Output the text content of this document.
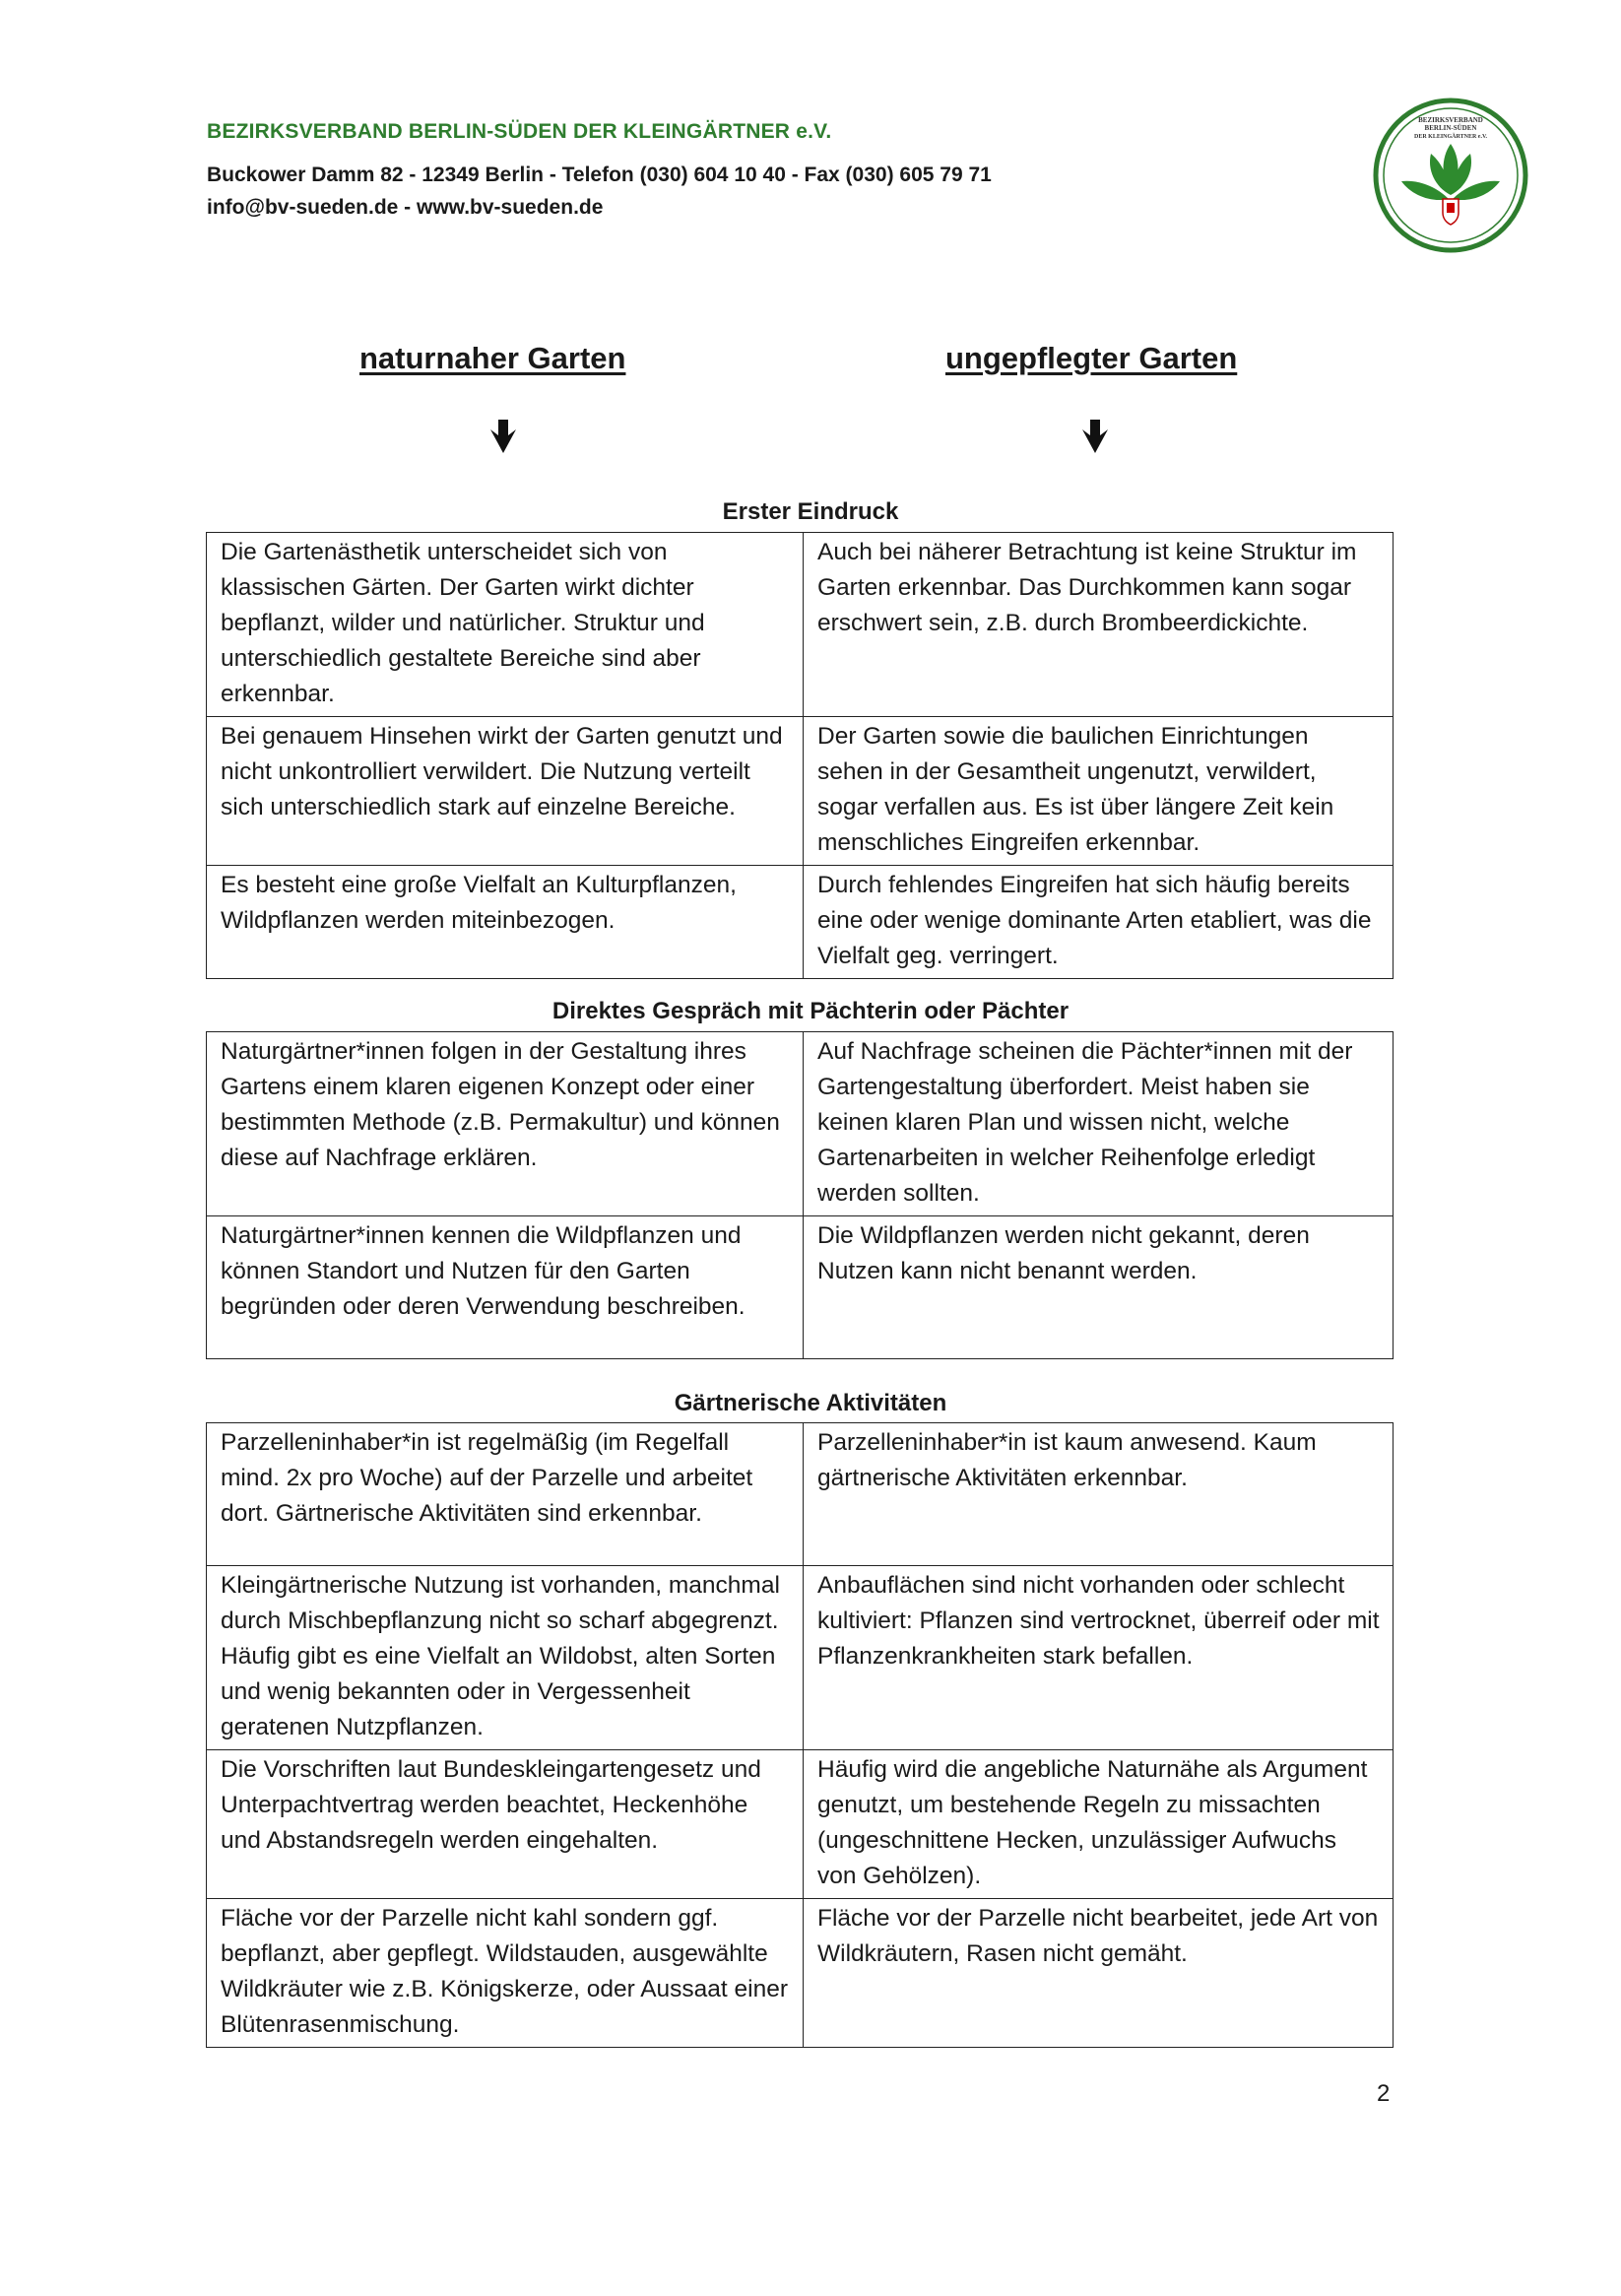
BEZIRKSVERBAND BERLIN-SÜDEN DER KLEINGÄRTNER e.V.
Buckower Damm 82 - 12349 Berlin - Telefon (030) 604 10 40 - Fax (030) 605 79 71
info@bv-sueden.de - www.bv-sueden.de
BEZIRKSVERBAND
BERLIN-SÜDEN
DER KLEINGÄRTNER e.V.
naturnaher Garten	ungepflegter Garten
Erster Eindruck
Die Gartenästhetik unterscheidet sich von klassischen Gärten. Der Garten wirkt dichter bepflanzt, wilder und natürlicher. Struktur und unterschiedlich gestaltete Bereiche sind aber erkennbar.	Auch bei näherer Betrachtung ist keine Struktur im Garten erkennbar. Das Durchkommen kann sogar erschwert sein, z.B. durch Brombeerdickichte.
Bei genauem Hinsehen wirkt der Garten genutzt und nicht unkontrolliert verwildert. Die Nutzung verteilt sich unterschiedlich stark auf einzelne Bereiche.	Der Garten sowie die baulichen Einrichtungen sehen in der Gesamtheit ungenutzt, verwildert, sogar verfallen aus. Es ist über längere Zeit kein menschliches Eingreifen erkennbar.
Es besteht eine große Vielfalt an Kulturpflanzen, Wildpflanzen werden miteinbezogen.	Durch fehlendes Eingreifen hat sich häufig bereits eine oder wenige dominante Arten etabliert, was die Vielfalt geg. verringert.
Direktes Gespräch mit Pächterin oder Pächter
Naturgärtner*innen folgen in der Gestaltung ihres Gartens einem klaren eigenen Konzept oder einer bestimmten Methode (z.B. Permakultur) und können diese auf Nachfrage erklären.	Auf Nachfrage scheinen die Pächter*innen mit der Gartengestaltung überfordert. Meist haben sie keinen klaren Plan und wissen nicht, welche Gartenarbeiten in welcher Reihenfolge erledigt werden sollten.
Naturgärtner*innen kennen die Wildpflanzen und können Standort und Nutzen für den Garten begründen oder deren Verwendung beschreiben.	Die Wildpflanzen werden nicht gekannt, deren Nutzen kann nicht benannt werden.
Gärtnerische Aktivitäten
Parzelleninhaber*in ist regelmäßig (im Regelfall mind. 2x pro Woche) auf der Parzelle und arbeitet dort. Gärtnerische Aktivitäten sind erkennbar.	Parzelleninhaber*in ist kaum anwesend. Kaum gärtnerische Aktivitäten erkennbar.
Kleingärtnerische Nutzung ist vorhanden, manchmal durch Mischbepflanzung nicht so scharf abgegrenzt. Häufig gibt es eine Vielfalt an Wildobst, alten Sorten und wenig bekannten oder in Vergessenheit geratenen Nutzpflanzen.	Anbauflächen sind nicht vorhanden oder schlecht kultiviert: Pflanzen sind vertrocknet, überreif oder mit Pflanzenkrankheiten stark befallen.
Die Vorschriften laut Bundeskleingartengesetz und Unterpachtvertrag werden beachtet, Heckenhöhe und Abstandsregeln werden eingehalten.	Häufig wird die angebliche Naturnähe als Argument genutzt, um bestehende Regeln zu missachten (ungeschnittene Hecken, unzulässiger Aufwuchs von Gehölzen).
Fläche vor der Parzelle nicht kahl sondern ggf. bepflanzt, aber gepflegt. Wildstauden, ausgewählte Wildkräuter wie z.B. Königskerze, oder Aussaat einer Blütenrasenmischung.	Fläche vor der Parzelle nicht bearbeitet, jede Art von Wildkräutern, Rasen nicht gemäht.
2
